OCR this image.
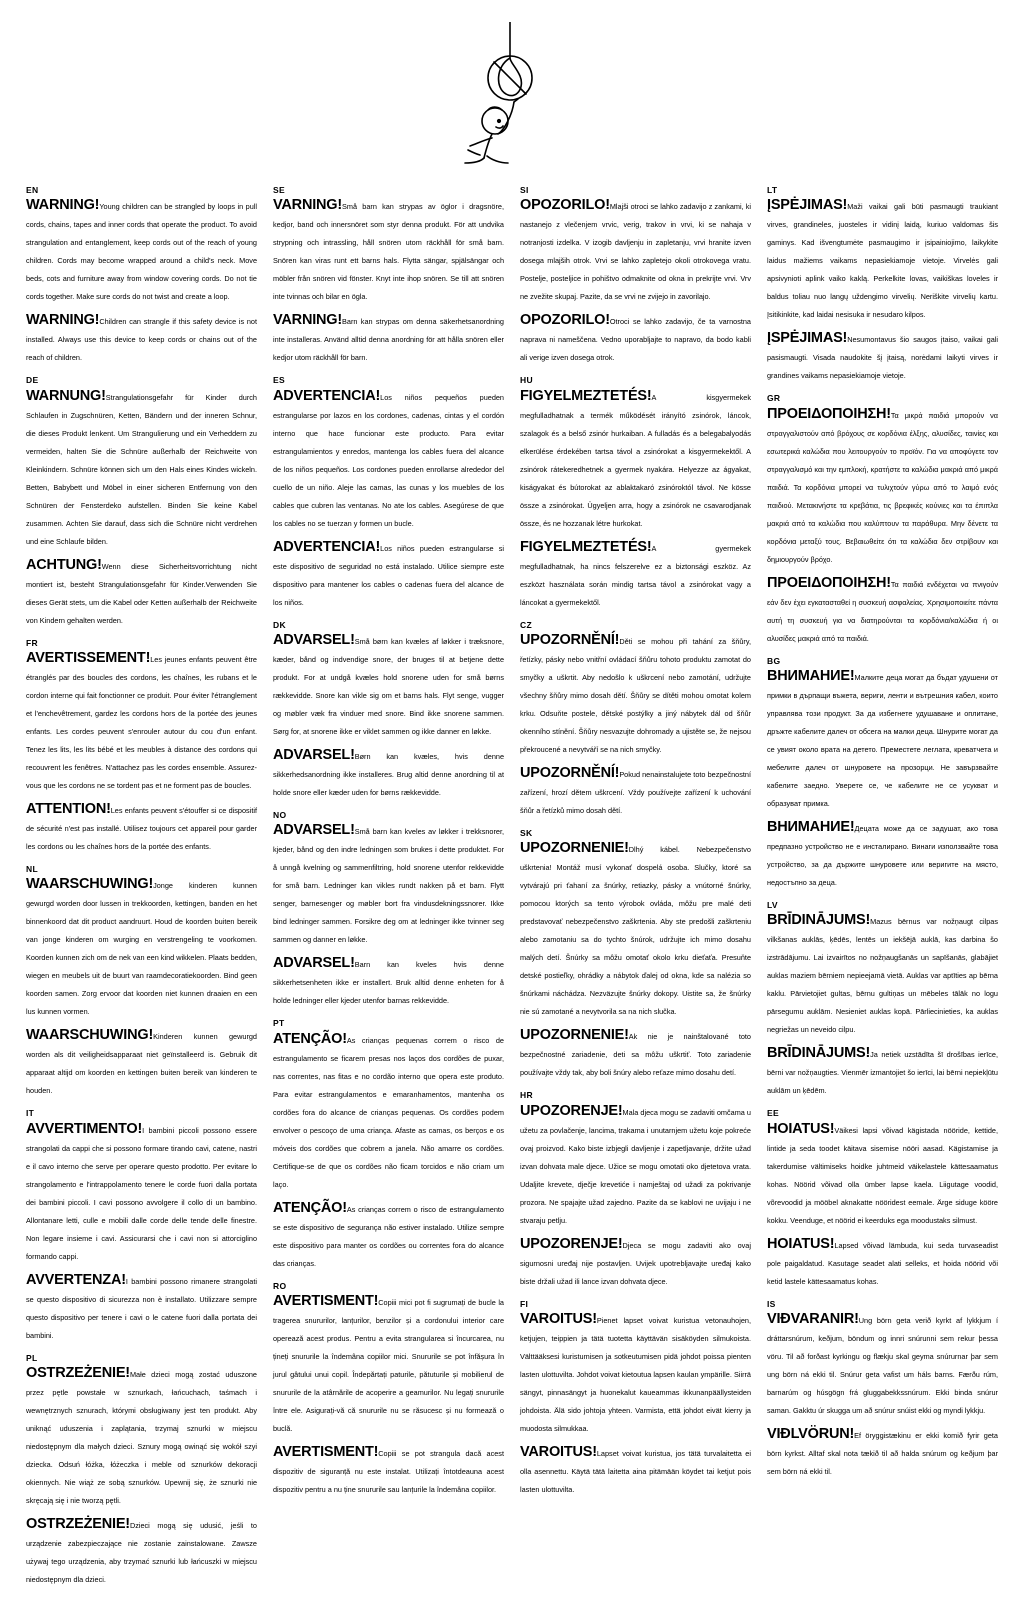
EN
WARNING!Young children can be strangled by loops in pull cords, chains, tapes and inner cords that operate the product. To avoid strangulation and entanglement, keep cords out of the reach of young children. Cords may become wrapped around a child's neck. Move beds, cots and furniture away from window covering cords. Do not tie cords together. Make sure cords do not twist and create a loop.
WARNING!Children can strangle if this safety device is not installed. Always use this device to keep cords or chains out of the reach of children.
DE
WARNUNG!Strangulationsgefahr für Kinder durch Schlaufen in Zugschnüren, Ketten, Bändern und der inneren Schnur, die dieses Produkt lenkent. Um Strangulierung und ein Verheddern zu vermeiden, halten Sie die Schnüre außerhalb der Reichweite von Kleinkindern. Schnüre können sich um den Hals eines Kindes wickeln. Betten, Babybett und Möbel in einer sicheren Entfernung von den Schnüren der Fensterdeko aufstellen. Binden Sie keine Kabel zusammen. Achten Sie darauf, dass sich die Schnüre nicht verdrehen und eine Schlaufe bilden.
ACHTUNG!Wenn diese Sicherheitsvorrichtung nicht montiert ist, besteht Strangulationsgefahr für Kinder.Verwenden Sie dieses Gerät stets, um die Kabel oder Ketten außerhalb der Reichweite von Kindern gehalten werden.
FR
AVERTISSEMENT!Les jeunes enfants peuvent être étranglés par des boucles des cordons, les chaînes, les rubans et le cordon interne qui fait fonctionner ce produit. Pour éviter l'étranglement et l'enchevêtrement, gardez les cordons hors de la portée des jeunes enfants. Les cordes peuvent s'enrouler autour du cou d'un enfant. Tenez les lits, les lits bébé et les meubles à distance des cordons qui recouvrent les fenêtres. N'attachez pas les cordes ensemble. Assurez-vous que les cordons ne se tordent pas et ne forment pas de boucles.
ATTENTION!Les enfants peuvent s'étouffer si ce dispositif de sécurité n'est pas installé. Utilisez toujours cet appareil pour garder les cordons ou les chaînes hors de la portée des enfants.
NL
WAARSCHUWING!Jonge kinderen kunnen gewurgd worden door lussen in trekkoorden, kettingen, banden en het binnenkoord dat dit product aandruurt. Houd de koorden buiten bereik van jonge kinderen om wurging en verstrengeling te voorkomen. Koorden kunnen zich om de nek van een kind wikkelen. Plaats bedden, wiegen en meubels uit de buurt van raamdecoratiekoorden. Bind geen koorden samen. Zorg ervoor dat koorden niet kunnen draaien en een lus kunnen vormen.
WAARSCHUWING!Kinderen kunnen gewurgd worden als dit veiligheidsapparaat niet geïnstalleerd is. Gebruik dit apparaat altijd om koorden en kettingen buiten bereik van kinderen te houden.
IT
AVVERTIMENTO!I bambini piccoli possono essere strangolati da cappi che si possono formare tirando cavi, catene, nastri e il cavo interno che serve per operare questo prodotto. Per evitare lo strangolamento e l'intrappolamento tenere le corde fuori dalla portata dei bambini piccoli. I cavi possono avvolgere il collo di un bambino. Allontanare letti, culle e mobili dalle corde delle tende delle finestre. Non legare insieme i cavi. Assicurarsi che i cavi non si attorciglino formando cappi.
AVVERTENZA!I bambini possono rimanere strangolati se questo dispositivo di sicurezza non è installato. Utilizzare sempre questo dispositivo per tenere i cavi o le catene fuori dalla portata dei bambini.
PL
OSTRZEŻENIE!Małe dzieci mogą zostać uduszone przez pętle powstałe w sznurkach, łańcuchach, taśmach i wewnętrznych sznurach, którymi obsługiwany jest ten produkt. Aby uniknąć uduszenia i zaplątania, trzymaj sznurki w miejscu niedostępnym dla małych dzieci. Sznury mogą owinąć się wokół szyi dziecka. Odsuń łóżka, łóżeczka i meble od sznurków dekoracji okiennych. Nie wiąż ze sobą sznurków. Upewnij się, że sznurki nie skręcają się i nie tworzą pętli.
OSTRZEŻENIE!Dzieci mogą się udusić, jeśli to urządzenie zabezpieczające nie zostanie zainstalowane. Zawsze używaj tego urządzenia, aby trzymać sznurki lub łańcuszki w miejscu niedostępnym dla dzieci.
SE
VARNING!Små barn kan strypas av öglor i dragsnöre, kedjor, band och innersnöret som styr denna produkt. För att undvika strypning och intrassling, håll snören utom räckhåll för små barn. Snören kan viras runt ett barns hals. Flytta sängar, spjälsängar och möbler från snören vid fönster. Knyt inte ihop snören. Se till att snören inte tvinnas och bilar en ögla.
VARNING!Barn kan strypas om denna säkerhetsanordning inte installeras. Använd alltid denna anordning för att hålla snören eller kedjor utom räckhåll för barn.
ES
ADVERTENCIA!Los niños pequeños pueden estrangularse por lazos en los cordones, cadenas, cintas y el cordón interno que hace funcionar este producto. Para evitar estrangulamientos y enredos, mantenga los cables fuera del alcance de los niños pequeños. Los cordones pueden enrollarse alrededor del cuello de un niño. Aleje las camas, las cunas y los muebles de los cables que cubren las ventanas. No ate los cables. Asegúrese de que los cables no se tuerzan y formen un bucle.
ADVERTENCIA!Los niños pueden estrangularse si este dispositivo de seguridad no está instalado. Utilice siempre este dispositivo para mantener los cables o cadenas fuera del alcance de los niños.
DK
ADVARSEL!Små børn kan kvæles af løkker i træksnore, kæder, bånd og indvendige snore, der bruges til at betjene dette produkt. For at undgå kvæles hold snorene uden for små børns rækkevidde. Snore kan vikle sig om et barns hals. Flyt senge, vugger og møbler væk fra vinduer med snore. Bind ikke snorene sammen. Sørg for, at snorene ikke er viklet sammen og ikke danner en løkke.
ADVARSEL!Børn kan kvæles, hvis denne sikkerhedsanordning ikke installeres. Brug altid denne anordning til at holde snore eller kæder uden for børns rækkevidde.
NO
ADVARSEL!Små barn kan kveles av løkker i trekksnorer, kjeder, bånd og den indre ledningen som brukes i dette produktet. For å unngå kvelning og sammenfiltring, hold snorene utenfor rekkevidde for små barn. Ledninger kan vikles rundt nakken på et barn. Flytt senger, barnesenger og møbler bort fra vindusdekningssnorer. Ikke bind ledninger sammen. Forsikre deg om at ledninger ikke tvinner seg sammen og danner en løkke.
ADVARSEL!Barn kan kveles hvis denne sikkerhetsenheten ikke er installert. Bruk alltid denne enheten for å holde ledninger eller kjeder utenfor barnas rekkevidde.
PT
ATENÇÃO!As crianças pequenas correm o risco de estrangulamento se ficarem presas nos laços dos cordões de puxar, nas correntes, nas fitas e no cordão interno que opera este produto. Para evitar estrangulamentos e emaranhamentos, mantenha os cordões fora do alcance de crianças pequenas. Os cordões podem envolver o pescoço de uma criança. Afaste as camas, os berços e os móveis dos cordões que cobrem a janela. Não amarre os cordões. Certifique-se de que os cordões não ficam torcidos e não criam um laço.
ATENÇÃO!As crianças correm o risco de estrangulamento se este dispositivo de segurança não estiver instalado. Utilize sempre este dispositivo para manter os cordões ou correntes fora do alcance das crianças.
RO
AVERTISMENT!Copiii mici pot fi sugrumați de bucle la tragerea snururilor, lanțurilor, benzilor și a cordonului interior care operează acest produs. Pentru a evita strangularea si încurcarea, nu țineți snururile la îndemâna copiilor mici. Snururile se pot înfășura în jurul gâtului unui copil. Îndepărtați paturile, pătuturile și mobilierul de snururile de la atârnările de acoperire a geamurilor. Nu legați snururile între ele. Asigurați-vă că snururile nu se răsucesc și nu formează o buclă.
AVERTISMENT!Copiii se pot strangula dacă acest dispozitiv de siguranță nu este instalat. Utilizați întotdeauna acest dispozitiv pentru a nu ține snururile sau lanțurile la îndemâna copiilor.
SI
OPOZORILO!Mlajši otroci se lahko zadavijo z zankami, ki nastanejo z vlečenjem vrvic, verig, trakov in vrvi, ki se nahaja v notranjosti izdelka. V izogib davljenju in zapletanju, vrvi hranite izven dosega mlajših otrok. Vrvi se lahko zapletejo okoli otrokovega vratu. Postelje, posteljice in pohištvo odmaknite od okna in prekrijte vrvi. Vrv ne zvežite skupaj. Pazite, da se vrvi ne zvijejo in zavorilajo.
OPOZORILO!Otroci se lahko zadavijo, če ta varnostna naprava ni nameščena. Vedno uporabljajte to napravo, da bodo kabli ali verige izven dosega otrok.
HU
FIGYELMEZTETÉS!A kisgyermekek megfulladhatnak a termék működését irányító zsinórok, láncok, szalagok és a belső zsinór hurkaiban. A fulladás és a belegabalyodás elkerülése érdekében tartsa távol a zsinórokat a kisgyermekektől. A zsinórok rátekeredhetnek a gyermek nyakára. Helyezze az ágyakat, kiságyakat és bútorokat az ablaktakaró zsinóroktól távol. Ne kösse össze a zsinórokat. Ügyeljen arra, hogy a zsinórok ne csavarodjanak össze, és ne hozzanak létre hurkokat.
FIGYELMEZTETÉS!A gyermekek megfulladhatnak, ha nincs felszerelve ez a biztonsági eszköz. Az eszközt használata során mindig tartsa távol a zsinórokat vagy a láncokat a gyermekektől.
CZ
UPOZORNĚNÍ!Děti se mohou při tahání za šňůry, řetízky, pásky nebo vnitřní ovládací šňůru tohoto produktu zamotat do smyčky a uškrtit. Aby nedošlo k uškrcení nebo zamotání, udržujte všechny šňůry mimo dosah dětí. Šňůry se dítěti mohou omotat kolem krku. Odsuňte postele, dětské postýlky a jiný nábytek dál od šňůr okenního stínění. Šňůry nesvazujte dohromady a ujistěte se, že nejsou překroucené a nevytváří se na nich smyčky.
UPOZORNĚNÍ!Pokud nenainstalujete toto bezpečnostní zařízení, hrozí dětem uškrcení. Vždy používejte zařízení k uchování šňůr a řetízků mimo dosah dětí.
SK
UPOZORNENIE!Dlhý kábel. Nebezpečenstvo uškrtenia! Montáž musí vykonať dospelá osoba. Slučky, ktoré sa vytvárajú pri ťahaní za šnúrky, retiazky, pásky a vnútorné šnúrky, pomocou ktorých sa tento výrobok ovláda, môžu pre malé deti predstavovať nebezpečenstvo zaškrtenia. Aby ste predošli zaškrteniu alebo zamotaniu sa do tychto šnúrok, udržujte ich mimo dosahu malých detí. Šnúrky sa môžu omotať okolo krku dieťaťa. Presuňte detské postieľky, ohrádky a nábytok ďalej od okna, kde sa nalézia so šnúrkami náchádza. Nezväzujte šnúrky dokopy. Uistite sa, že šnúrky nie sú zamotané a nevytvorila sa na nich slučka.
UPOZORNENIE!Ak nie je nainštalované toto bezpečnostné zariadenie, deti sa môžu uškrtiť. Toto zariadenie používajte vždy tak, aby boli šnúry alebo reťaze mimo dosahu detí.
HR
UPOZORENJE!Mala djeca mogu se zadaviti omčama u užetu za povlačenje, lancima, trakama i unutarnjem užetu koje pokreće ovaj proizvod. Kako biste izbjegli davljenje i zapetljavanje, držite užad izvan dohvata male djece. Užice se mogu omotati oko djetetova vrata. Udaljite krevete, dječje krevetiće i namještaj od užadi za pokrivanje prozora. Ne spajajte užad zajedno. Pazite da se kablovi ne uvijaju i ne stvaraju petlju.
UPOZORENJE!Djeca se mogu zadaviti ako ovaj sigurnosni uređaj nije postavljen. Uvijek upotrebljavajte uređaj kako biste držali užad ili lance izvan dohvata djece.
FI
VAROITUS!Pienet lapset voivat kuristua vetonauhojen, ketjujen, teippien ja tätä tuotetta käyttävän sisäköyden silmukoista. Välttääksesi kuristumisen ja sotkeutumisen pidä johdot poissa pienten lasten ulottuvilta. Johdot voivat kietoutua lapsen kaulan ympärille. Siirrä sängyt, pinnasängyt ja huonekalut kaueammas ikkunanpäällysteiden johdoista. Älä sido johtoja yhteen. Varmista, että johdot eivät kierry ja muodosta silmukkaa.
VAROITUS!Lapset voivat kuristua, jos tätä turvalaitetta ei olla asennettu. Käytä tätä laitetta aina pitämään köydet tai ketjut pois lasten ulottuvilta.
LT
ĮSPĖJIMAS!Maži vaikai gali būti pasmaugti traukiant virves, grandineles, juosteles ir vidinį laidą, kuriuo valdomas šis gaminys. Kad išvengtumėte pasmaugimo ir įsipainiojimo, laikykite laidus mažiems vaikams nepasiekiamoje vietoje. Virvelės gali apsivynioti aplink vaiko kaklą. Perkelkite lovas, vaikiškas loveles ir baldus toliau nuo langų uždengimo virvelių. Neriškite virvelių kartu. Įsitikinkite, kad laidai nesisuka ir nesudaro kilpos.
ĮSPĖJIMAS!Nesumontavus šio saugos įtaiso, vaikai gali pasismaugti. Visada naudokite šį įtaisą, norėdami laikyti virves ir grandines vaikams nepasiekiamoje vietoje.
GR
ΠΡΟΕΙΔΟΠΟΙΗΣΗ!Τα μικρά παιδιά μπορούν να στραγγαλιστούν από βρόχους σε κορδόνια έλξης, αλυσίδες, ταινίες και εσωτερικά καλώδια που λειτουργούν το προϊόν. Για να αποφύγετε τον στραγγαλισμό και την εμπλοκή, κρατήστε τα καλώδια μακριά από μικρά παιδιά. Τα κορδόνια μπορεί να τυλιχτούν γύρω από το λαιμό ενός παιδιού. Μετακινήστε τα κρεβάτια, τις βρεφικές κούνιες και τα έπιπλα μακριά από τα καλώδια που καλύπτουν τα παράθυρα. Μην δένετε τα κορδόνια μεταξύ τους. Βεβαιωθείτε ότι τα καλώδια δεν στρίβουν και δημιουργούν βρόχο.
ΠΡΟΕΙΔΟΠΟΙΗΣΗ!Τα παιδιά ενδέχεται να πνιγούν εάν δεν έχει εγκατασταθεί η συσκευή ασφαλείας. Χρησιμοποιείτε πάντα αυτή τη συσκευή για να διατηρούνται τα κορδόνια/καλώδια ή οι αλυσίδες μακριά από τα παιδιά.
BG
ВНИМАНИЕ!Малките деца могат да бъдат удушени от примки в дърпащи въжета, вериги, ленти и вътрешния кабел, които управлява този продукт. За да избегнете удушаване и оплитане, дръжте кабелите далеч от обсега на малки деца. Шнурите могат да се увият около врата на детето. Преместете леглата, креватчета и мебелите далеч от шнуровете на прозорци. Не завързвайте кабелите заедно. Уверете се, че кабелите не се усукват и образуват примка.
ВНИМАНИЕ!Децата може да се задушат, ако това предпазно устройство не е инсталирано. Винаги използвайте това устройство, за да държите шнуровете или веригите на място, недостъпно за деца.
LV
BRĪDINĀJUMS!Mazus bērnus var nožņaugt cilpas vilkšanas auklās, ķēdēs, lentēs un iekšējā auklā, kas darbina šo izstrādājumu. Lai izvairītos no nožņaugšanās un sapīšanās, glabājiet auklas maziem bērniem nepieejamā vietā. Auklas var aptīties ap bērna kaklu. Pārvietojiet gultas, bērnu gultiņas un mēbeles tālāk no logu pārsegumu auklām. Nesieniet auklas kopā. Pārliecinieties, ka auklas negriežas un neveido cilpu.
BRĪDINĀJUMS!Ja netiek uzstādīta šī drošības ierīce, bērni var nožņaugties. Vienmēr izmantojiet šo ierīci, lai bērni nepiekļūtu auklām un ķēdēm.
EE
HOIATUS!Väikesi lapsi võivad kägistada nööride, kettide, lintide ja seda toodet käitava sisemise nööri aasad. Kägistamise ja takerdumise vältimiseks hoidke juhtmeid väikelastele kättesaamatus kohas. Nöörid võivad olla ümber lapse kaela. Liigutage voodid, võrevoodid ja mööbel aknakatte nööridest eemale. Ärge siduge kööre kokku. Veenduge, et nöörid ei keerduks ega moodustaks silmust.
HOIATUS!Lapsed võivad lämbuda, kui seda turvaseadist pole paigaldatud. Kasutage seadet alati selleks, et hoida nöörid või ketid lastele kättesaamatus kohas.
IS
VIÐVARANIR!Ung börn geta verið kyrkt af lykkjum í dráttarsnúrum, keðjum, böndum og innri snúrunni sem rekur þessa vöru. Til að forðast kyrkingu og flækju skal geyma snúrurnar þar sem ung börn ná ekki til. Snúrur geta vafist um háls barns. Færðu rúm, barnarúm og húsgögn frá gluggabekkssnúrum. Ekki binda snúrur saman. Gakktu úr skugga um að snúrur snúist ekki og myndi lykkju.
VIÐLVÖRUN!Ef öryggistækinu er ekki komið fyrir geta börn kyrkst. Alltaf skal nota tækið til að halda snúrum og keðjum þar sem börn ná ekki til.
